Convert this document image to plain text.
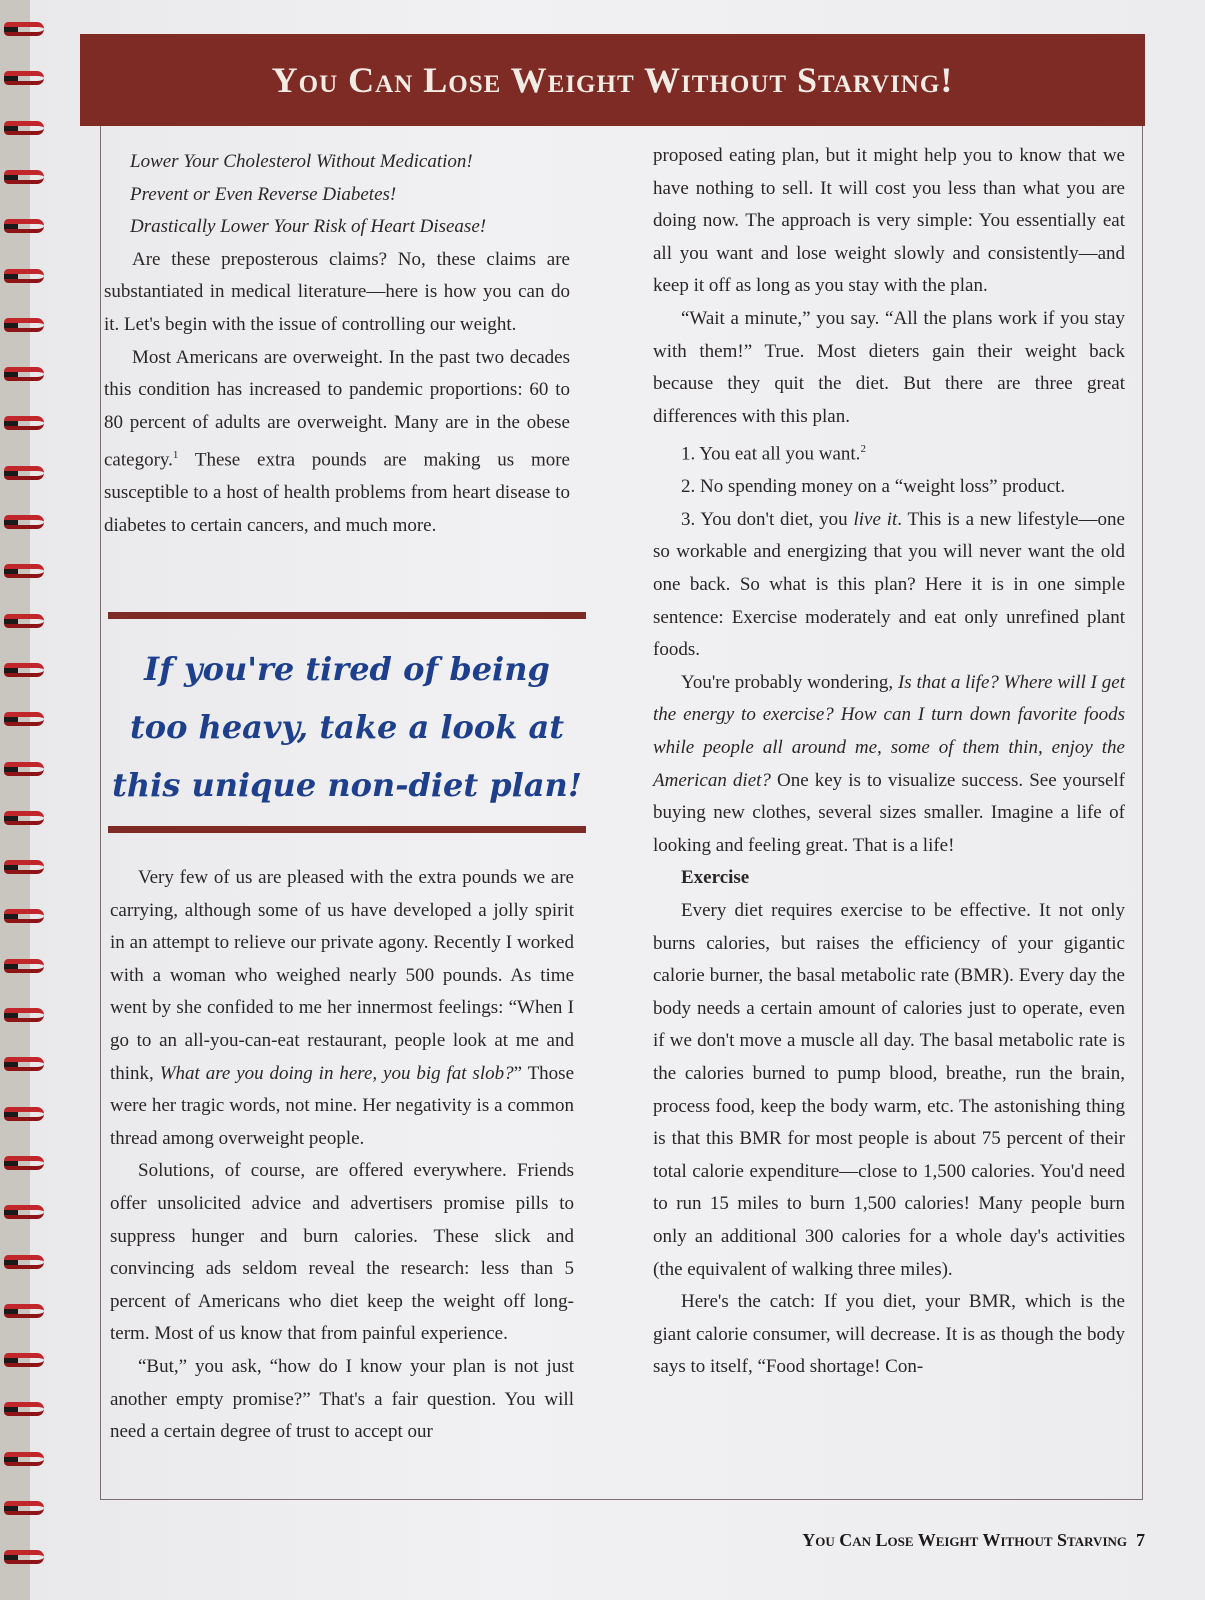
You Can Lose Weight Without Starving!

Lower Your Cholesterol Without Medication!

Prevent or Even Reverse Diabetes!

Drastically Lower Your Risk of Heart Disease!

Are these preposterous claims? No, these claims are substantiated in medical literature—here is how you can do it. Let's begin with the issue of controlling our weight.

Most Americans are overweight. In the past two decades this condition has increased to pandemic proportions: 60 to 80 percent of adults are overweight. Many are in the obese category.$^1$ These extra pounds are making us more susceptible to a host of health problems from heart disease to diabetes to certain cancers, and much more.

If you're tired of being
too heavy, take a look at
this unique non-diet plan!

Very few of us are pleased with the extra pounds we are carrying, although some of us have developed a jolly spirit in an attempt to relieve our private agony. Recently I worked with a woman who weighed nearly 500 pounds. As time went by she confided to me her innermost feelings: “When I go to an all-you-can-eat restaurant, people look at me and think, What are you doing in here, you big fat slob?” Those were her tragic words, not mine. Her negativity is a common thread among overweight people.

Solutions, of course, are offered everywhere. Friends offer unsolicited advice and advertisers promise pills to suppress hunger and burn calories. These slick and convincing ads seldom reveal the research: less than 5 percent of Americans who diet keep the weight off long-term. Most of us know that from painful experience.

“But,” you ask, “how do I know your plan is not just another empty promise?” That's a fair question. You will need a certain degree of trust to accept our

proposed eating plan, but it might help you to know that we have nothing to sell. It will cost you less than what you are doing now. The approach is very simple: You essentially eat all you want and lose weight slowly and consistently—and keep it off as long as you stay with the plan.

“Wait a minute,” you say. “All the plans work if you stay with them!” True. Most dieters gain their weight back because they quit the diet. But there are three great differences with this plan.

1. You eat all you want.$^2$

2. No spending money on a “weight loss” product.

3. You don't diet, you live it. This is a new lifestyle—one so workable and energizing that you will never want the old one back. So what is this plan? Here it is in one simple sentence: Exercise moderately and eat only unrefined plant foods.

You're probably wondering, Is that a life? Where will I get the energy to exercise? How can I turn down favorite foods while people all around me, some of them thin, enjoy the American diet? One key is to visualize success. See yourself buying new clothes, several sizes smaller. Imagine a life of looking and feeling great. That is a life!

Exercise

Every diet requires exercise to be effective. It not only burns calories, but raises the efficiency of your gigantic calorie burner, the basal metabolic rate (BMR). Every day the body needs a certain amount of calories just to operate, even if we don't move a muscle all day. The basal metabolic rate is the calories burned to pump blood, breathe, run the brain, process food, keep the body warm, etc. The astonishing thing is that this BMR for most people is about 75 percent of their total calorie expenditure—close to 1,500 calories. You'd need to run 15 miles to burn 1,500 calories! Many people burn only an additional 300 calories for a whole day's activities (the equivalent of walking three miles).

Here's the catch: If you diet, your BMR, which is the giant calorie consumer, will decrease. It is as though the body says to itself, “Food shortage! Con-

You Can Lose Weight Without Starving 7
